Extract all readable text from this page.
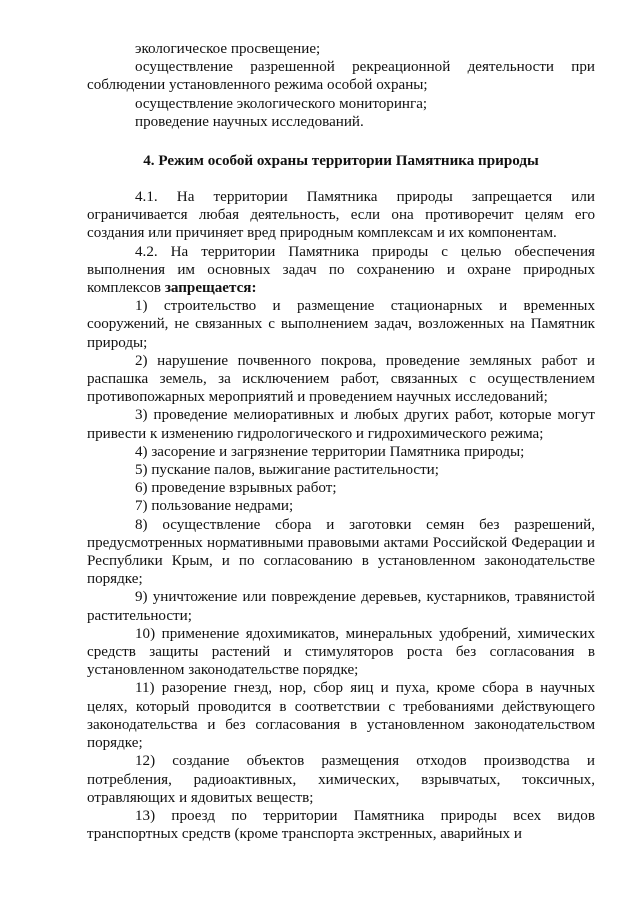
экологическое просвещение;

осуществление разрешенной рекреационной деятельности при соблюдении установленного режима особой охраны;

осуществление экологического мониторинга;

проведение научных исследований.

4. Режим особой охраны территории Памятника природы

4.1. На территории Памятника природы запрещается или ограничивается любая деятельность, если она противоречит целям его создания или причиняет вред природным комплексам и их компонентам.

4.2. На территории Памятника природы с целью обеспечения выполнения им основных задач по сохранению и охране природных комплексов запрещается:

1) строительство и размещение стационарных и временных сооружений, не связанных с выполнением задач, возложенных на Памятник природы;

2) нарушение почвенного покрова, проведение земляных работ и распашка земель, за исключением работ, связанных с осуществлением противопожарных мероприятий и проведением научных исследований;

3) проведение мелиоративных и любых других работ, которые могут привести к изменению гидрологического и гидрохимического режима;

4) засорение и загрязнение территории Памятника природы;

5) пускание палов, выжигание растительности;

6) проведение взрывных работ;

7) пользование недрами;

8) осуществление сбора и заготовки семян без разрешений, предусмотренных нормативными правовыми актами Российской Федерации и Республики Крым, и по согласованию в установленном законодательстве порядке;

9) уничтожение или повреждение деревьев, кустарников, травянистой растительности;

10) применение ядохимикатов, минеральных удобрений, химических средств защиты растений и стимуляторов роста без согласования в установленном законодательстве порядке;

11) разорение гнезд, нор, сбор яиц и пуха, кроме сбора в научных целях, который проводится в соответствии с требованиями действующего законодательства и без согласования в установленном законодательством порядке;

12) создание объектов размещения отходов производства и потребления, радиоактивных, химических, взрывчатых, токсичных, отравляющих и ядовитых веществ;

13) проезд по территории Памятника природы всех видов транспортных средств (кроме транспорта экстренных, аварийных и
